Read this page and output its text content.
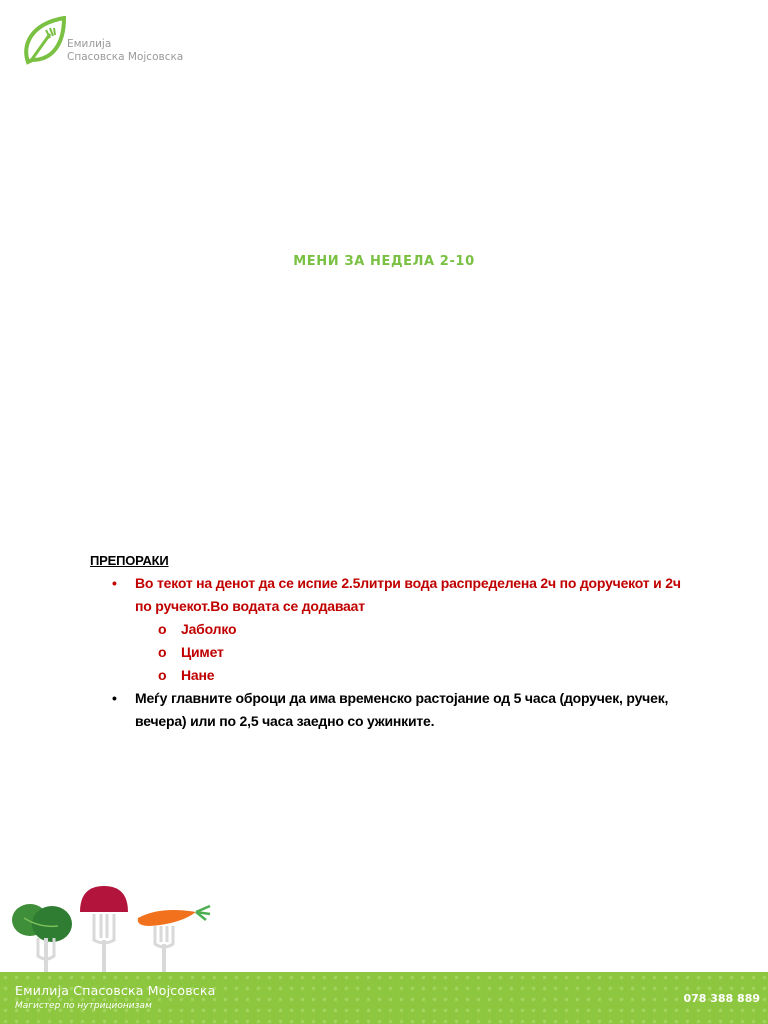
Емилија
Спасовска Мојсовска
МЕНИ ЗА НЕДЕЛА 2-10
ПРЕПОРАКИ
• Во текот на денот да се испие 2.5литри вода распределена 2ч по доручекот и 2ч
по ручекот.Во водата се додаваат
o Јаболко
o Цимет
o Нане
• Меѓу главните оброци да има временско растојание од 5 часа (доручек, ручек,
вечера) или по 2,5 часа заедно со ужинките.
Емилија Спасовска Мојсовска
Магистер по нутриционизам
078 388 889
